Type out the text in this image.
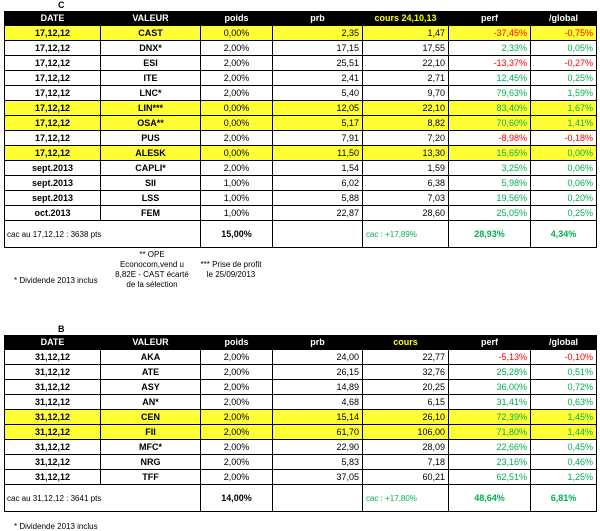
C
DATE	VALEUR	poids	prb	cours 24,10,13	perf	/global
17,12,12	CAST	0,00%	2,35	1,47	-37,45%	-0,75%
17,12,12	DNX*	2,00%	17,15	17,55	2,33%	0,05%
17,12,12	ESI	2,00%	25,51	22,10	-13,37%	-0,27%
17,12,12	ITE	2,00%	2,41	2,71	12,45%	0,25%
17,12,12	LNC*	2,00%	5,40	9,70	79,63%	1,59%
17,12,12	LIN***	0,00%	12,05	22,10	83,40%	1,67%
17,12,12	OSA**	0,00%	5,17	8,82	70,60%	1,41%
17,12,12	PUS	2,00%	7,91	7,20	-8,98%	-0,18%
17,12,12	ALESK	0,00%	11,50	13,30	15,65%	0,00%
sept.2013	CAPLI*	2,00%	1,54	1,59	3,25%	0,06%
sept.2013	SII	1,00%	6,02	6,38	5,98%	0,06%
sept.2013	LSS	1,00%	5,88	7,03	19,56%	0,20%
oct.2013	FEM	1,00%	22,87	28,60	25,05%	0,25%
cac au 17,12,12 : 3638 pts		15,00%		cac : +17,89%	28,93%	4,34%
* Dividende 2013 inclus
** OPE Econocom,vend u 8,82E - CAST écarté de la sélection
*** Prise de profit le 25/09/2013
B
DATE	VALEUR	poids	prb	cours	perf	/global
31,12,12	AKA	2,00%	24,00	22,77	-5,13%	-0,10%
31,12,12	ATE	2,00%	26,15	32,76	25,28%	0,51%
31,12,12	ASY	2,00%	14,89	20,25	36,00%	0,72%
31,12,12	AN*	2,00%	4,68	6,15	31,41%	0,63%
31,12,12	CEN	2,00%	15,14	26,10	72,39%	1,45%
31,12,12	FII	2,00%	61,70	106,00	71,80%	1,44%
31,12,12	MFC*	2,00%	22,90	28,09	22,66%	0,45%
31,12,12	NRG	2,00%	5,83	7,18	23,16%	0,46%
31,12,12	TFF	2,00%	37,05	60,21	62,51%	1,25%
cac au 31,12,12 : 3641 pts		14,00%		cac : +17,80%	48,64%	6,81%
* Dividende 2013 inclus
